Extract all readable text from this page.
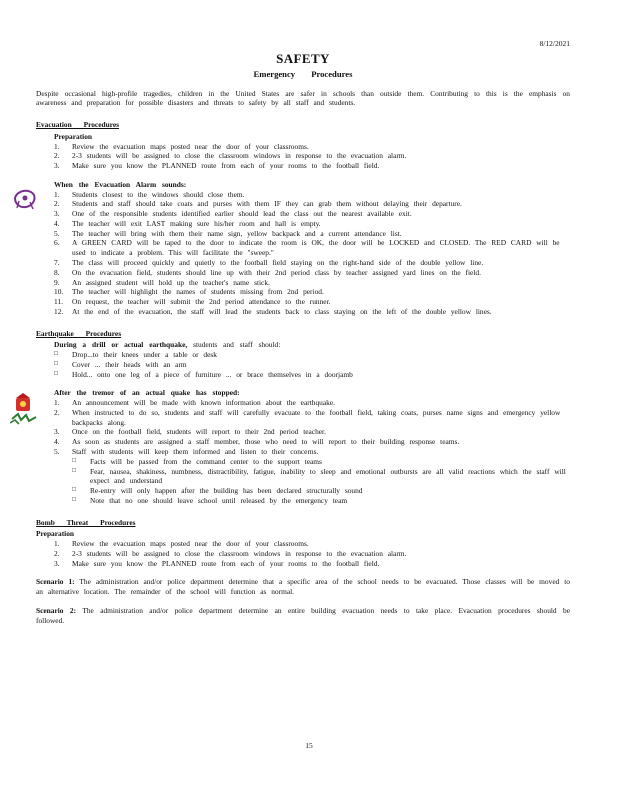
8/12/2021
SAFETY
Emergency Procedures

Despite occasional high-profile tragedies, children in the United States are safer in schools than outside them. Contributing to this is the emphasis on awareness and preparation for possible disasters and threats to safety by all staff and students.

Evacuation Procedures
Preparation
1. Review the evacuation maps posted near the door of your classrooms.
2. 2-3 students will be assigned to close the classroom windows in response to the evacuation alarm.
3. Make sure you know the PLANNED route from each of your rooms to the football field.
When the Evacuation Alarm sounds:
1. Students closest to the windows should close them.
2. Students and staff should take coats and purses with them IF they can grab them without delaying their departure.
3. One of the responsible students identified earlier should lead the class out the nearest available exit.
4. The teacher will exit LAST making sure his/her room and hall is empty.
5. The teacher will bring with them their name sign, yellow backpack and a current attendance list.
6. A GREEN CARD will be taped to the door to indicate the room is OK, the door will be LOCKED and CLOSED. The RED CARD will be used to indicate a problem. This will facilitate the "sweep."
7. The class will proceed quickly and quietly to the football field staying on the right-hand side of the double yellow line.
8. On the evacuation field, students should line up with their 2nd period class by teacher assigned yard lines on the field.
9. An assigned student will hold up the teacher's name stick.
10. The teacher will highlight the names of students missing from 2nd period.
11. On request, the teacher will submit the 2nd period attendance to the runner.
12. At the end of the evacuation, the staff will lead the students back to class staying on the left of the double yellow lines.
Earthquake Procedures
During a drill or actual earthquake, students and staff should:
□ Drop...to their knees under a table or desk
□ Cover ... their heads with an arm
□ Hold... onto one leg of a piece of furniture ... or brace themselves in a doorjamb
After the tremor of an actual quake has stopped:
1. An announcement will be made with known information about the earthquake.
2. When instructed to do so, students and staff will carefully evacuate to the football field, taking coats, purses name signs and emergency yellow backpacks along.
3. Once on the football field, students will report to their 2nd period teacher.
4. As soon as students are assigned a staff member, those who need to will report to their building response teams.
5. Staff with students will keep them informed and listen to their concerns.
□ Facts will be passed from the command center to the support teams
□ Fear, nausea, shakiness, numbness, distractibility, fatigue, inability to sleep and emotional outbursts are all valid reactions which the staff will expect and understand
□ Re-entry will only happen after the building has been declared structurally sound
□ Note that no one should leave school until released by the emergency team
Bomb Threat Procedures
Preparation
1. Review the evacuation maps posted near the door of your classrooms.
2. 2-3 students will be assigned to close the classroom windows in response to the evacuation alarm.
3. Make sure you know the PLANNED route from each of your rooms to the football field.
Scenario 1: The administration and/or police department determine that a specific area of the school needs to be evacuated. Those classes will be moved to an alternative location. The remainder of the school will function as normal.
Scenario 2: The administration and/or police department determine an entire building evacuation needs to take place. Evacuation procedures should be followed.
15
